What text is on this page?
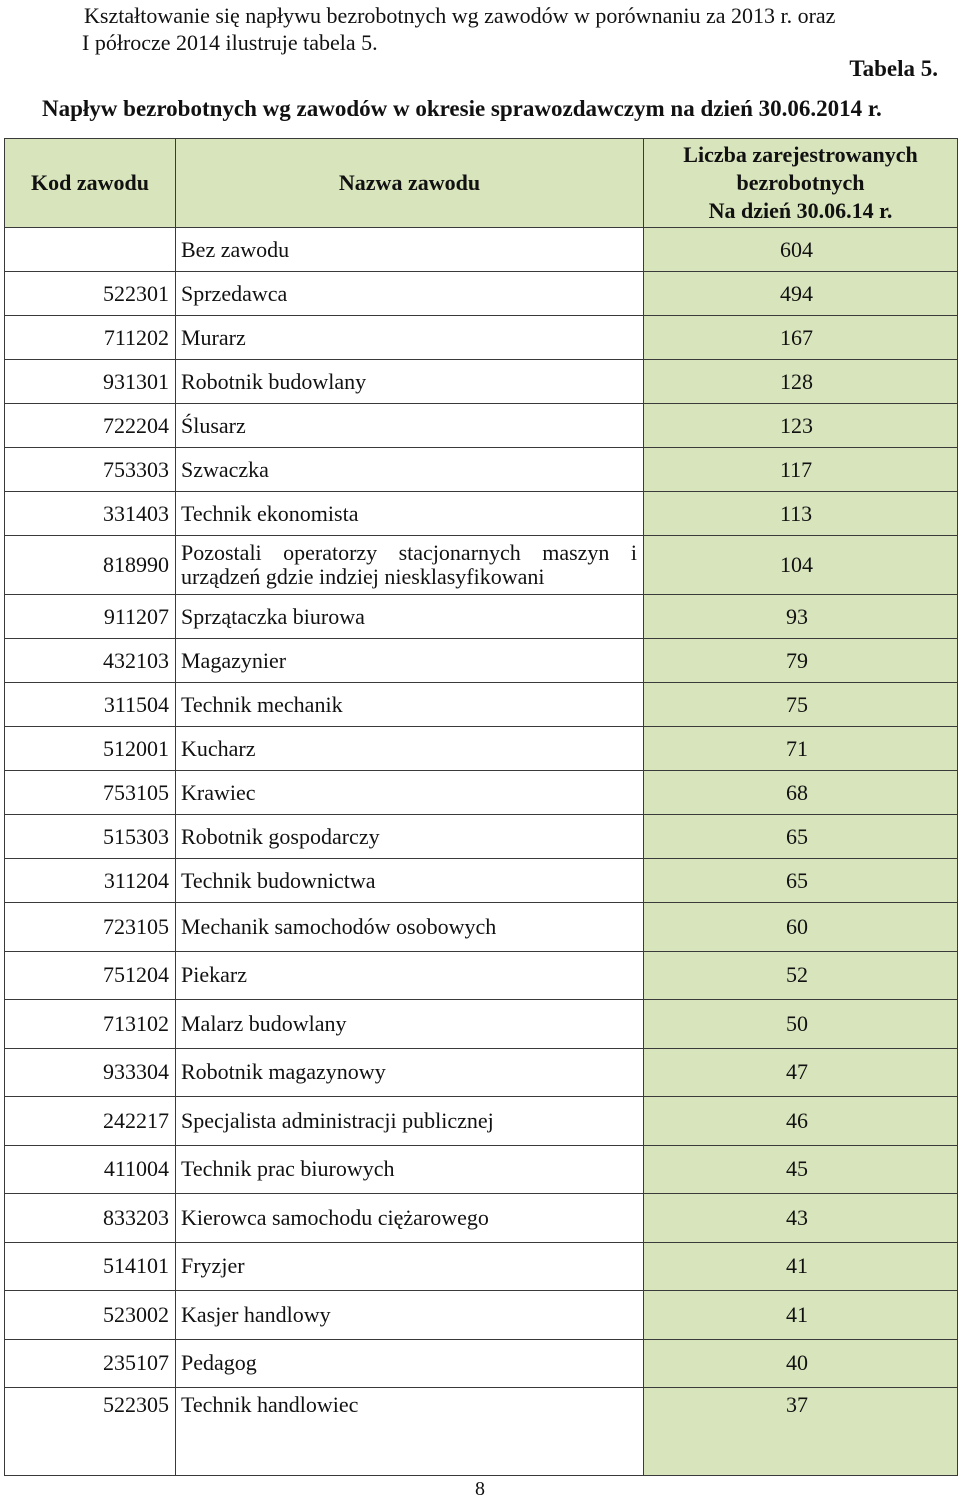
Kształtowanie się napływu bezrobotnych wg zawodów w porównaniu za 2013 r. oraz
I półrocze 2014 ilustruje tabela 5.
Tabela 5.
Napływ bezrobotnych wg zawodów w okresie sprawozdawczym na dzień 30.06.2014 r.
Kod zawodu	Nazwa zawodu	Liczba zarejestrowanych
bezrobotnych
Na dzień 30.06.14 r.
	Bez zawodu	604
522301	Sprzedawca	494
711202	Murarz	167
931301	Robotnik budowlany	128
722204	Ślusarz	123
753303	Szwaczka	117
331403	Technik ekonomista	113
818990	Pozostali operatorzy stacjonarnych maszyn i urządzeń gdzie indziej niesklasyfikowani	104
911207	Sprzątaczka biurowa	93
432103	Magazynier	79
311504	Technik mechanik	75
512001	Kucharz	71
753105	Krawiec	68
515303	Robotnik gospodarczy	65
311204	Technik budownictwa	65
723105	Mechanik samochodów osobowych	60
751204	Piekarz	52
713102	Malarz budowlany	50
933304	Robotnik magazynowy	47
242217	Specjalista administracji publicznej	46
411004	Technik prac biurowych	45
833203	Kierowca samochodu ciężarowego	43
514101	Fryzjer	41
523002	Kasjer handlowy	41
235107	Pedagog	40
522305	Technik handlowiec	37
8
